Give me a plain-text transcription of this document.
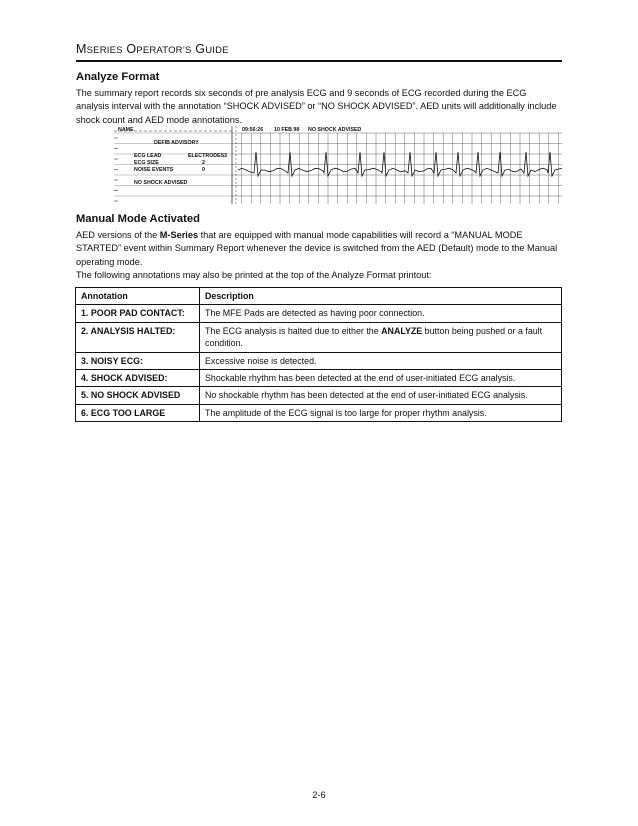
MSERIES OPERATOR’S GUIDE
Analyze Format

The summary report records six seconds of pre analysis ECG and 9 seconds of ECG recorded during the ECG analysis interval with the annotation “SHOCK ADVISED” or “NO SHOCK ADVISED”. AED units will additionally include shock count and AED mode annotations.

NAME	09:56:26 10 FEB 98 NO SHOCK ADVISED
DEFIB ADVISORY
ECG LEAD	ELECTRODES 3
ECG SIZE	2
NOISE EVENTS	0
NO SHOCK ADVISED
Manual Mode Activated

AED versions of the M-Series that are equipped with manual mode capabilities will record a “MANUAL MODE STARTED” event within Summary Report whenever the device is switched from the AED (Default) mode to the Manual operating mode.

The following annotations may also be printed at the top of the Analyze Format printout:

Annotation	Description
1. POOR PAD CONTACT:	The MFE Pads are detected as having poor connection.
2. ANALYSIS HALTED:	The ECG analysis is halted due to either the ANALYZE button being pushed or a fault condition.
3. NOISY ECG:	Excessive noise is detected.
4. SHOCK ADVISED:	Shockable rhythm has been detected at the end of user-initiated ECG analysis.
5. NO SHOCK ADVISED	No shockable rhythm has been detected at the end of user-initiated ECG analysis.
6. ECG TOO LARGE	The amplitude of the ECG signal is too large for proper rhythm analysis.
2-6
